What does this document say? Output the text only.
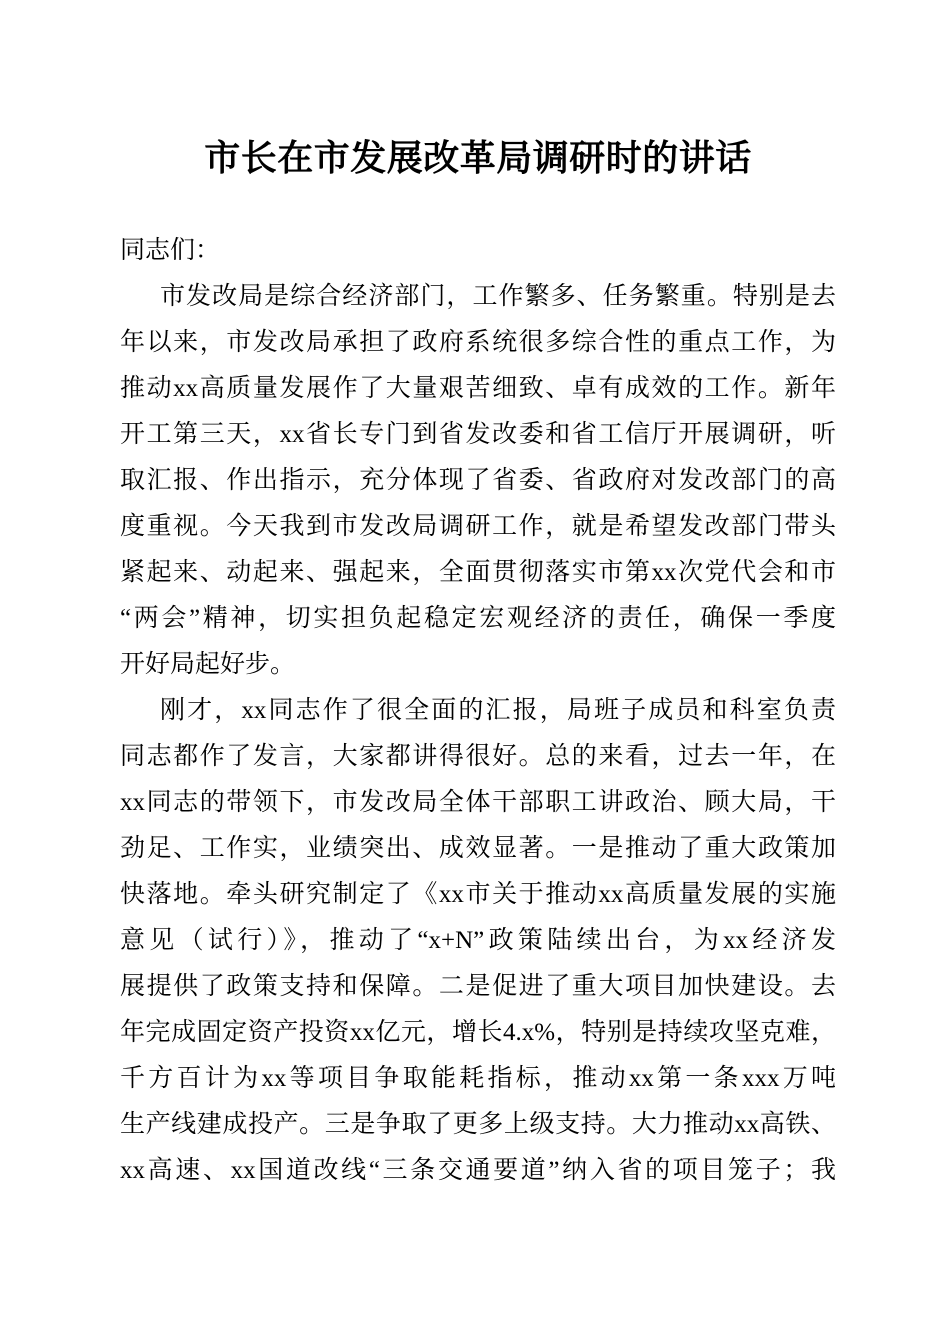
市长在市发展改革局调研时的讲话
同志们：
市发改局是综合经济部门，工作繁多、任务繁重。特别是去
年以来，市发改局承担了政府系统很多综合性的重点工作，为
推动xx高质量发展作了大量艰苦细致、卓有成效的工作。新年
开工第三天，xx省长专门到省发改委和省工信厅开展调研，听
取汇报、作出指示，充分体现了省委、省政府对发改部门的高
度重视。今天我到市发改局调研工作，就是希望发改部门带头
紧起来、动起来、强起来，全面贯彻落实市第xx次党代会和市
“两会”精神，切实担负起稳定宏观经济的责任，确保一季度
开好局起好步。
刚才，xx同志作了很全面的汇报，局班子成员和科室负责
同志都作了发言，大家都讲得很好。总的来看，过去一年，在
xx同志的带领下，市发改局全体干部职工讲政治、顾大局，干
劲足、工作实，业绩突出、成效显著。一是推动了重大政策加
快落地。牵头研究制定了《xx市关于推动xx高质量发展的实施
意见（试行）》，推动了“x+N”政策陆续出台，为xx经济发
展提供了政策支持和保障。二是促进了重大项目加快建设。去
年完成固定资产投资xx亿元，增长4.x%，特别是持续攻坚克难，
千方百计为xx等项目争取能耗指标，推动xx第一条xxx万吨
生产线建成投产。三是争取了更多上级支持。大力推动xx高铁、
xx高速、xx国道改线“三条交通要道”纳入省的项目笼子；我
